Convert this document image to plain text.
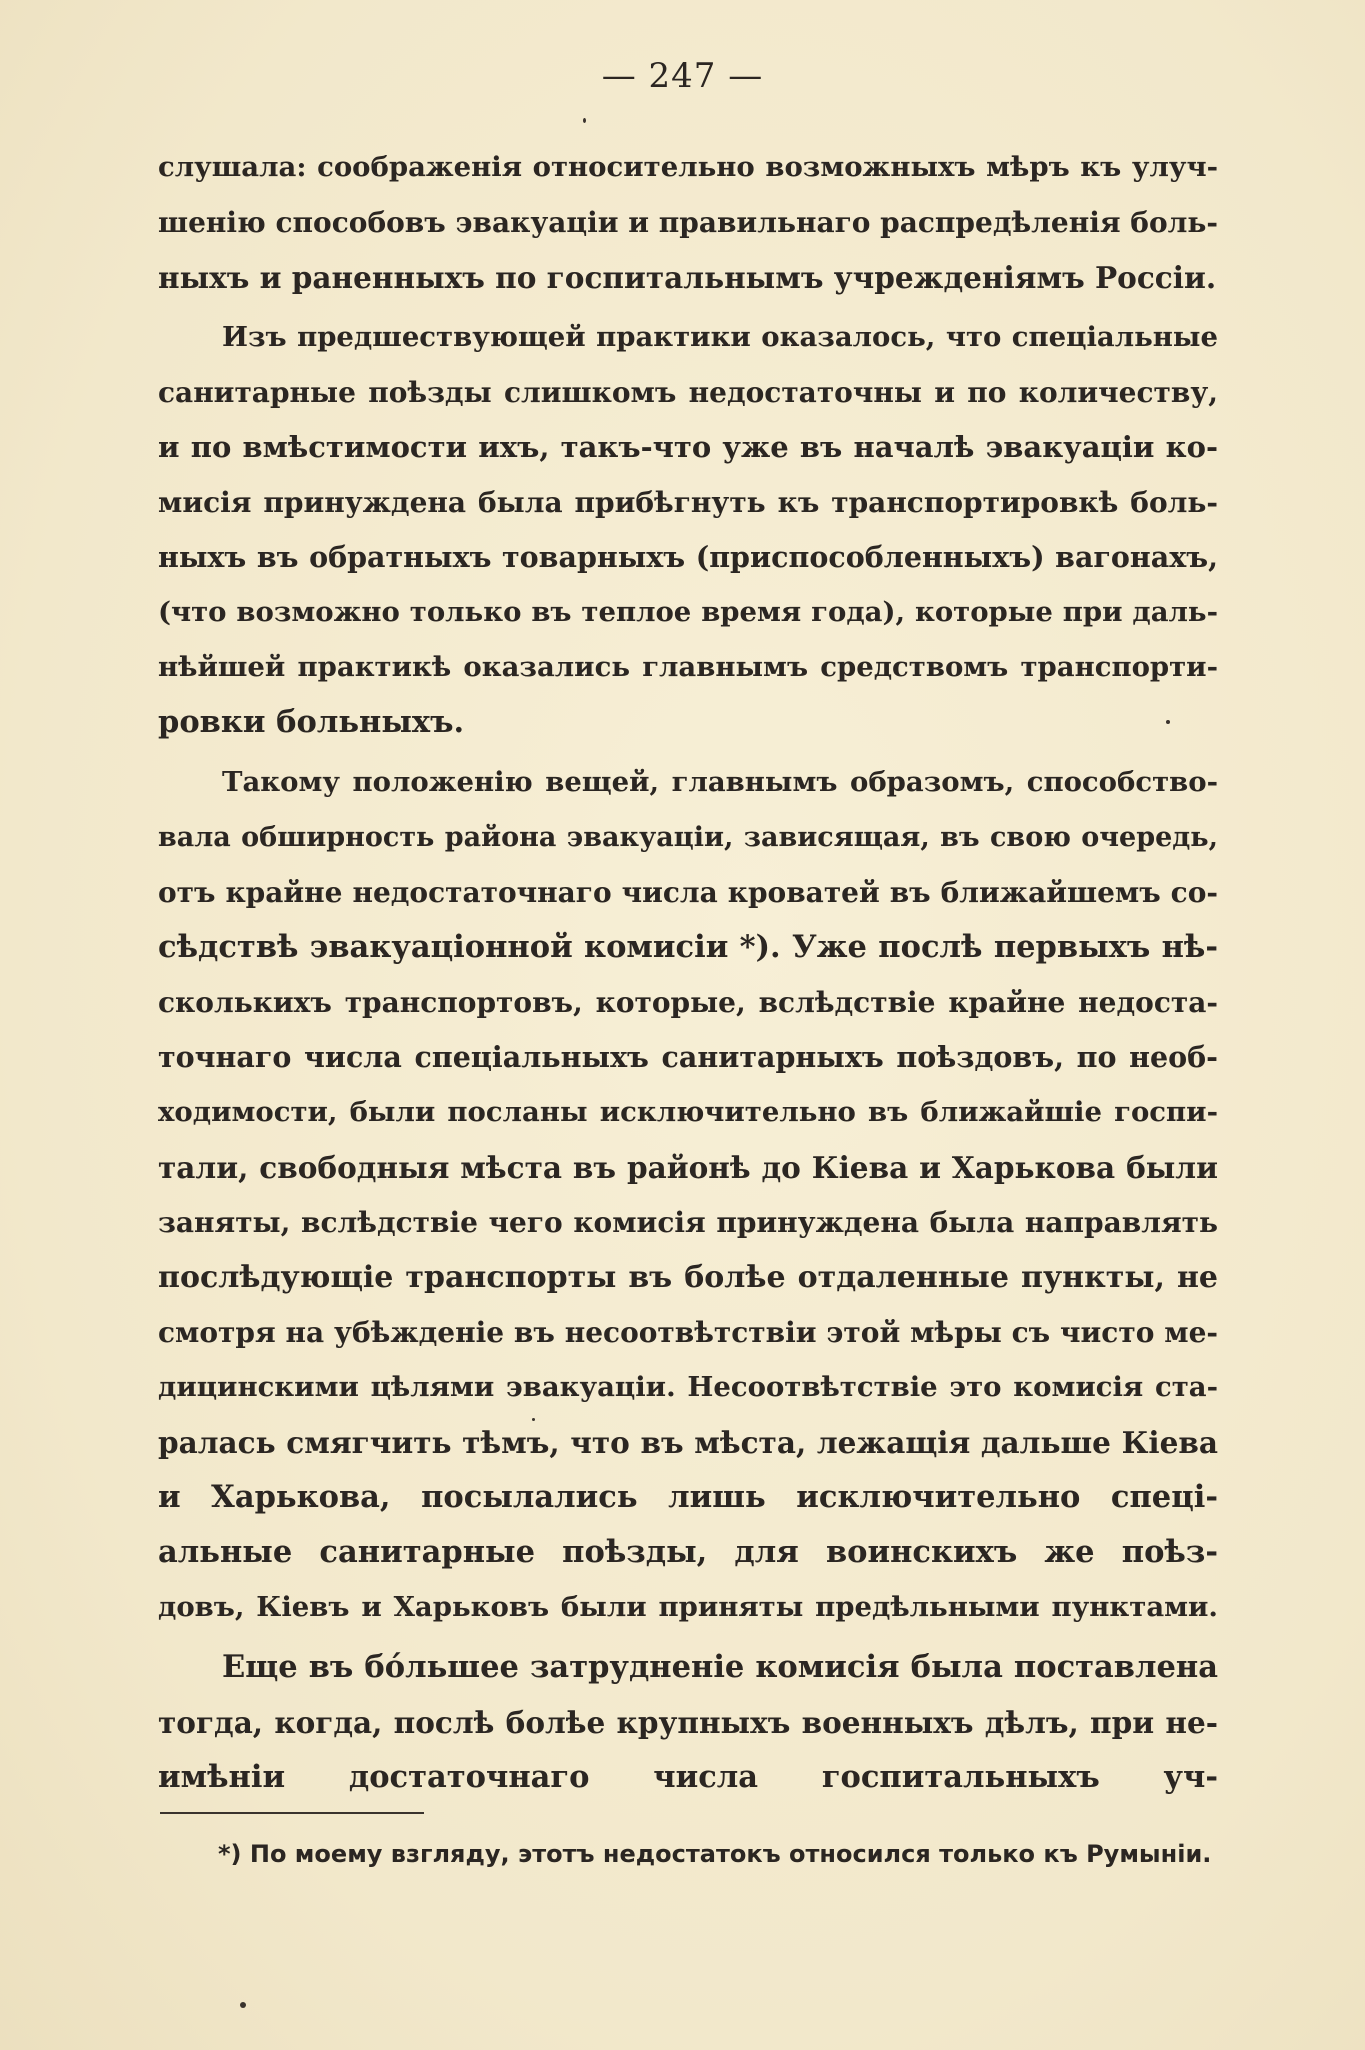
— 247 —
слушала: соображенія относительно возможныхъ мѣръ къ улуч-
шенію способовъ эвакуаціи и правильнаго распредѣленія боль-
ныхъ и раненныхъ по госпитальнымъ учрежденіямъ Россіи.
Изъ предшествующей практики оказалось, что спеціальные
санитарные поѣзды слишкомъ недостаточны и по количеству,
и по вмѣстимости ихъ, такъ-что уже въ началѣ эвакуаціи ко-
мисія принуждена была прибѣгнуть къ транспортировкѣ боль-
ныхъ въ обратныхъ товарныхъ (приспособленныхъ) вагонахъ,
(что возможно только въ теплое время года), которые при даль-
нѣйшей практикѣ оказались главнымъ средствомъ транспорти-
ровки больныхъ.
Такому положенію вещей, главнымъ образомъ, способство-
вала обширность района эвакуаціи, зависящая, въ свою очередь,
отъ крайне недостаточнаго числа кроватей въ ближайшемъ со-
сѣдствѣ эвакуаціонной комисіи *). Уже послѣ первыхъ нѣ-
сколькихъ транспортовъ, которые, вслѣдствіе крайне недоста-
точнаго числа спеціальныхъ санитарныхъ поѣздовъ, по необ-
ходимости, были посланы исключительно въ ближайшіе госпи-
тали, свободныя мѣста въ районѣ до Кіева и Харькова были
заняты, вслѣдствіе чего комисія принуждена была направлять
послѣдующіе транспорты въ болѣе отдаленные пункты, не
смотря на убѣжденіе въ несоотвѣтствіи этой мѣры съ чисто ме-
дицинскими цѣлями эвакуаціи. Несоотвѣтствіе это комисія ста-
ралась смягчить тѣмъ, что въ мѣста, лежащія дальше Кіева
и Харькова, посылались лишь исключительно спеці-
альные санитарные поѣзды, для воинскихъ же поѣз-
довъ, Кіевъ и Харьковъ были приняты предѣльными пунктами.
Еще въ бо́льшее затрудненіе комисія была поставлена
тогда, когда, послѣ болѣе крупныхъ военныхъ дѣлъ, при не-
имѣніи достаточнаго числа госпитальныхъ уч-
*) По моему взгляду, этотъ недостатокъ относился только къ Румыніи.
